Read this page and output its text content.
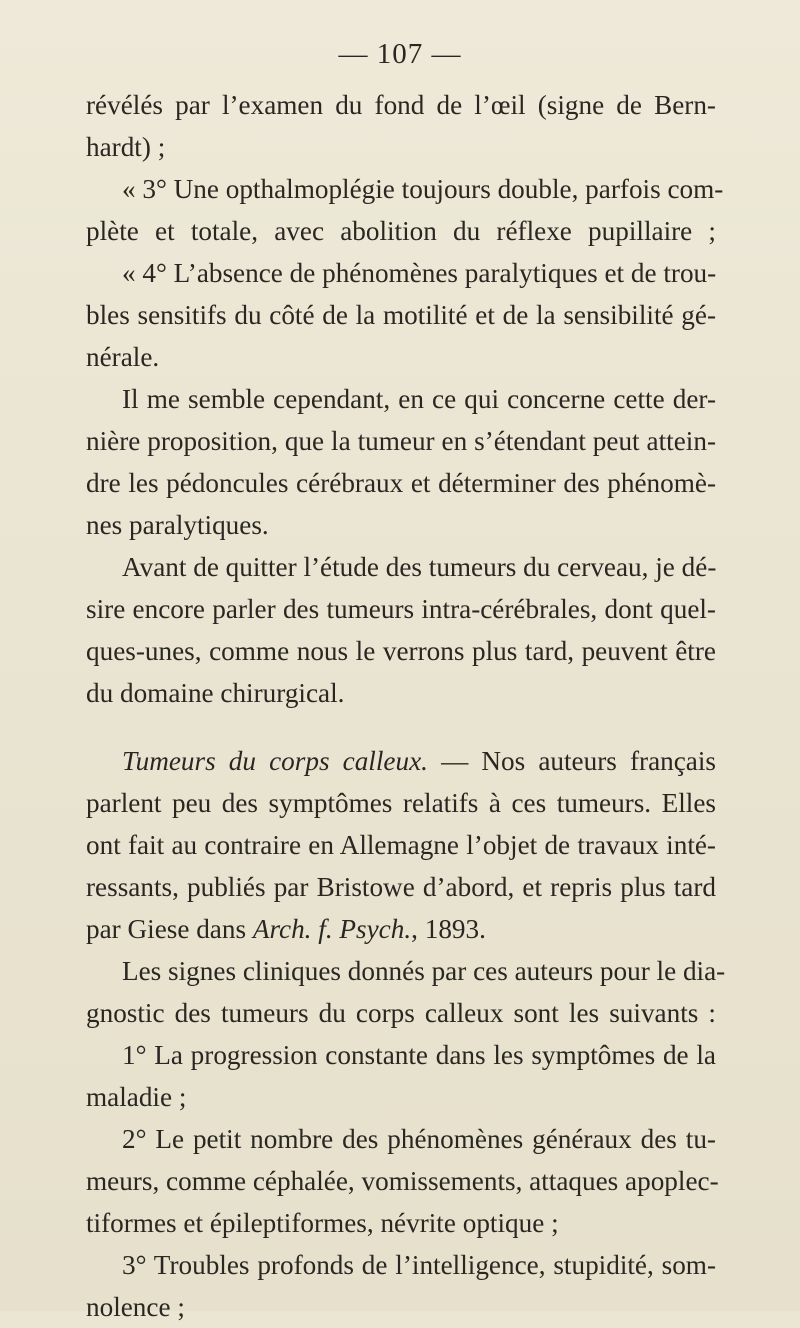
— 107 —
révélés par l’examen du fond de l’œil (signe de Bern-
hardt) ;
« 3° Une opthalmoplégie toujours double, parfois com-
plète et totale, avec abolition du réflexe pupillaire ;
« 4° L’absence de phénomènes paralytiques et de trou-
bles sensitifs du côté de la motilité et de la sensibilité gé-
nérale.
Il me semble cependant, en ce qui concerne cette der-
nière proposition, que la tumeur en s’étendant peut attein-
dre les pédoncules cérébraux et déterminer des phénomè-
nes paralytiques.
Avant de quitter l’étude des tumeurs du cerveau, je dé-
sire encore parler des tumeurs intra-cérébrales, dont quel-
ques-unes, comme nous le verrons plus tard, peuvent être
du domaine chirurgical.
Tumeurs du corps calleux. — Nos auteurs français
parlent peu des symptômes relatifs à ces tumeurs. Elles
ont fait au contraire en Allemagne l’objet de travaux inté-
ressants, publiés par Bristowe d’abord, et repris plus tard
par Giese dans Arch. f. Psych., 1893.
Les signes cliniques donnés par ces auteurs pour le dia-
gnostic des tumeurs du corps calleux sont les suivants :
1° La progression constante dans les symptômes de la
maladie ;
2° Le petit nombre des phénomènes généraux des tu-
meurs, comme céphalée, vomissements, attaques apoplec-
tiformes et épileptiformes, névrite optique ;
3° Troubles profonds de l’intelligence, stupidité, som-
nolence ;
